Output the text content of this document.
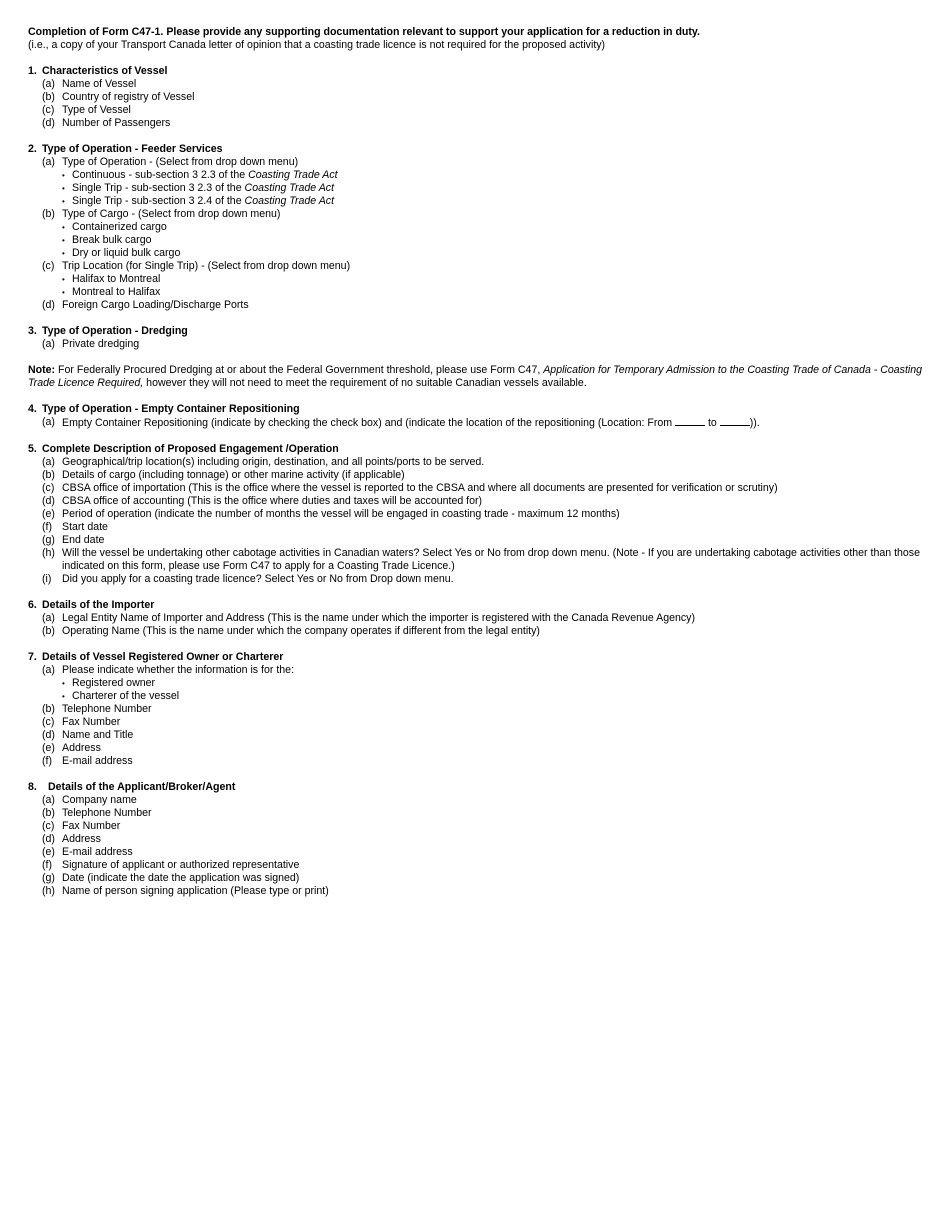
Completion of Form C47-1. Please provide any supporting documentation relevant to support your application for a reduction in duty.
(i.e., a copy of your Transport Canada letter of opinion that a coasting trade licence is not required for the proposed activity)
1. Characteristics of Vessel
(a) Name of Vessel
(b) Country of registry of Vessel
(c) Type of Vessel
(d) Number of Passengers
2. Type of Operation - Feeder Services
(a) Type of Operation - (Select from drop down menu)
• Continuous - sub-section 3 2.3 of the Coasting Trade Act
• Single Trip - sub-section 3 2.3 of the Coasting Trade Act
• Single Trip - sub-section 3 2.4 of the Coasting Trade Act
(b) Type of Cargo - (Select from drop down menu)
• Containerized cargo
• Break bulk cargo
• Dry or liquid bulk cargo
(c) Trip Location (for Single Trip) - (Select from drop down menu)
• Halifax to Montreal
• Montreal to Halifax
(d) Foreign Cargo Loading/Discharge Ports
3. Type of Operation - Dredging
(a) Private dredging
Note: For Federally Procured Dredging at or about the Federal Government threshold, please use Form C47, Application for Temporary Admission to the Coasting Trade of Canada - Coasting Trade Licence Required, however they will not need to meet the requirement of no suitable Canadian vessels available.
4. Type of Operation - Empty Container Repositioning
(a) Empty Container Repositioning (indicate by checking the check box) and (indicate the location of the repositioning (Location: From	to	)).
5. Complete Description of Proposed Engagement /Operation
(a) Geographical/trip location(s) including origin, destination, and all points/ports to be served.
(b) Details of cargo (including tonnage) or other marine activity (if applicable)
(c) CBSA office of importation (This is the office where the vessel is reported to the CBSA and where all documents are presented for verification or scrutiny)
(d) CBSA office of accounting (This is the office where duties and taxes will be accounted for)
(e) Period of operation (indicate the number of months the vessel will be engaged in coasting trade - maximum 12 months)
(f) Start date
(g) End date
(h) Will the vessel be undertaking other cabotage activities in Canadian waters? Select Yes or No from drop down menu. (Note - If you are undertaking cabotage activities other than those indicated on this form, please use Form C47 to apply for a Coasting Trade Licence.)
(i) Did you apply for a coasting trade licence? Select Yes or No from Drop down menu.
6. Details of the Importer
(a) Legal Entity Name of Importer and Address (This is the name under which the importer is registered with the Canada Revenue Agency)
(b) Operating Name (This is the name under which the company operates if different from the legal entity)
7. Details of Vessel Registered Owner or Charterer
(a) Please indicate whether the information is for the:
• Registered owner
• Charterer of the vessel
(b) Telephone Number
(c) Fax Number
(d) Name and Title
(e) Address
(f) E-mail address
8. Details of the Applicant/Broker/Agent
(a) Company name
(b) Telephone Number
(c) Fax Number
(d) Address
(e) E-mail address
(f) Signature of applicant or authorized representative
(g) Date (indicate the date the application was signed)
(h) Name of person signing application (Please type or print)
